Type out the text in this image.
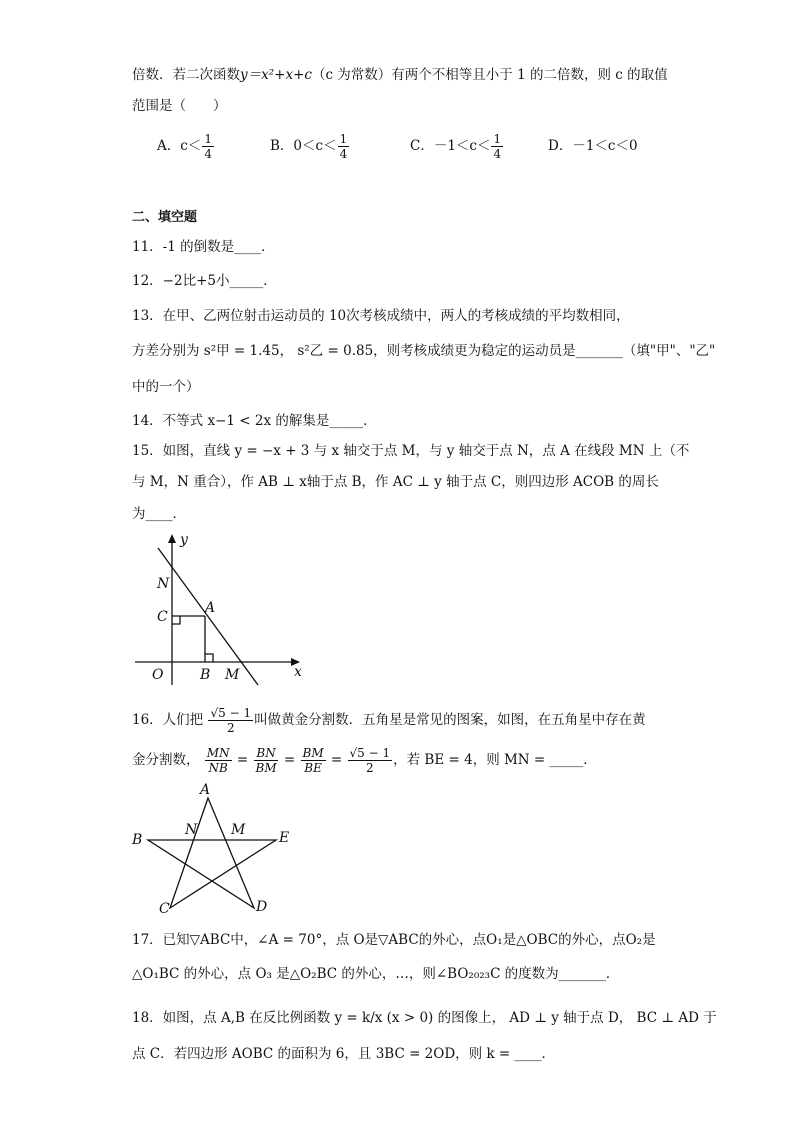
倍数．若二次函数y＝x²+x+c（c 为常数）有两个不相等且小于 1 的二倍数，则 c 的取值
范围是（　　）
A．$c< \frac{1}{4}$	B．$0<c< \frac{1}{4}$	C．$-1<c< \frac{1}{4}$	D．－1＜c＜0
二、填空题
11．-1 的倒数是____．
12．−2比+5小_____．
13．在甲、乙两位射击运动员的 10次考核成绩中，两人的考核成绩的平均数相同，
方差分别为 s²甲 = 1.45， s²乙 = 0.85，则考核成绩更为稳定的运动员是_______（填"甲"、"乙"
中的一个）
14．不等式 x−1 < 2x 的解集是_____．
15．如图，直线 y = −x + 3 与 x 轴交于点 M，与 y 轴交于点 N，点 A 在线段 MN 上（不
与 M，N 重合），作 AB ⊥ x轴于点 B，作 AC ⊥ y 轴于点 C，则四边形 ACOB 的周长
为____．
y
x
N
C
A
O	B M
16．人们把 $\frac{√5 - 1}{2}$ 叫做黄金分割数．五角星是常见的图案，如图，在五角星中存在黄
金分割数， $\frac{MN}{NB} = \frac{BN}{BM} = \frac{BM}{BE} = \frac{√5 - 1}{2}$ ，若 BE = 4，则 MN = _____．
A
B
N M E
C	D
17．已知▽ABC中，∠A = 70°，点 O是▽ABC的外心，点O₁是△OBC的外心，点O₂是
△O₁BC 的外心，点 O₃ 是△O₂BC 的外心，…，则∠BO₂₀₂₃C 的度数为_______．
18．如图，点 A,B 在反比例函数 y = k/x (x > 0) 的图像上， AD ⊥ y 轴于点 D， BC ⊥ AD 于
点 C．若四边形 AOBC 的面积为 6，且 3BC = 2OD，则 k = ____．
